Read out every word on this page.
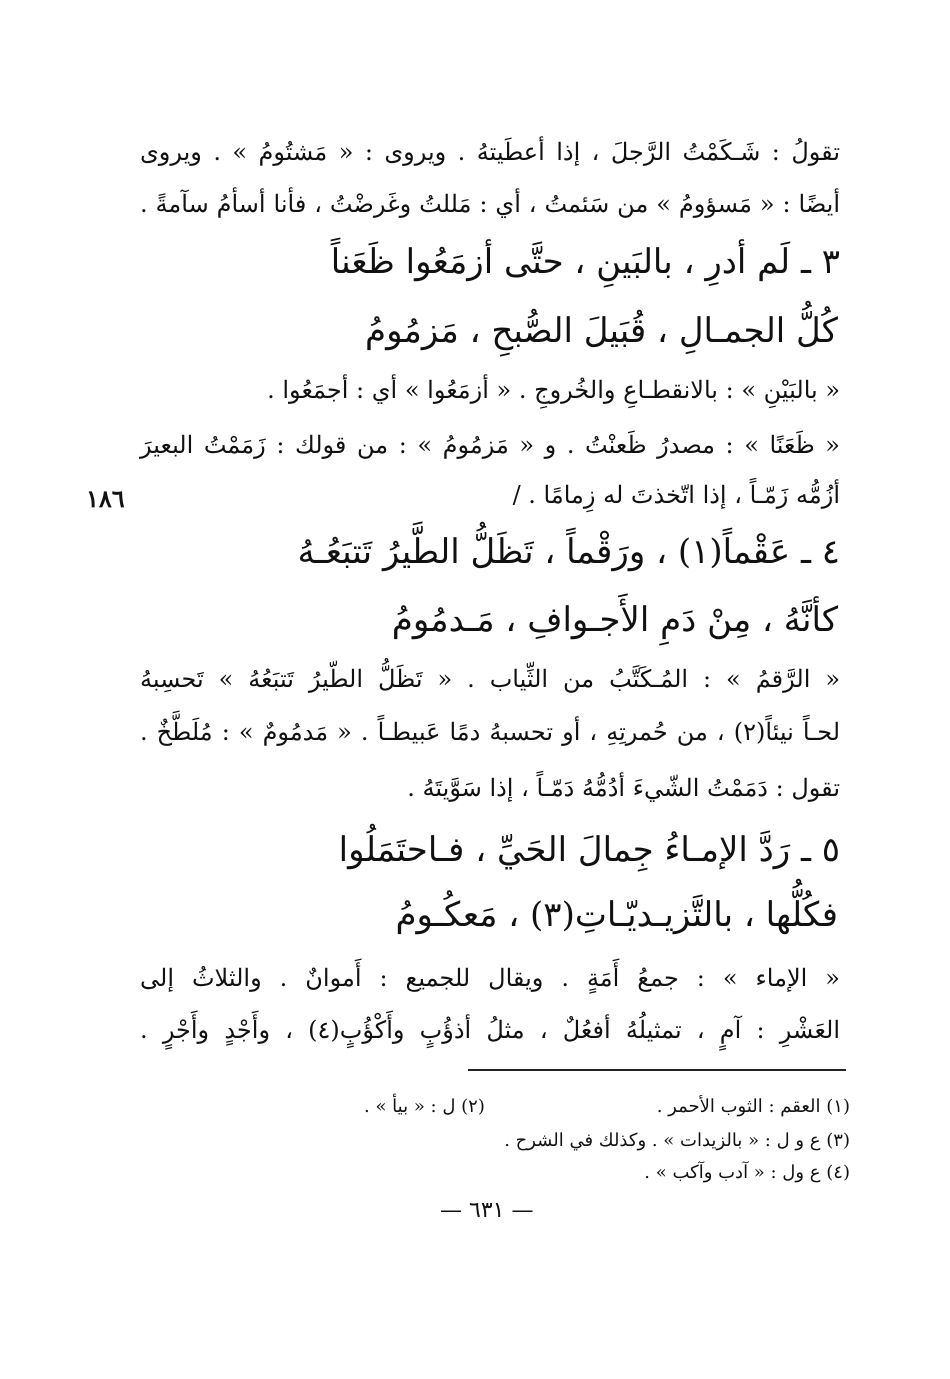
تقولُ : شَـكَمْتُ الرَّجلَ ، إذا أعطَيتهُ . ويروى : « مَشتُومُ » . ويروى
أيضًا : « مَسؤومُ » من سَئمتُ ، أي : مَللتُ وغَرضْتُ ، فأنا أسأمُ سآمةً .
٣ ـ لَم أدرِ ، بالبَينِ ، حتَّى أزمَعُوا ظَعَناً
كُلُّ الجمـالِ ، قُبَيلَ الصُّبحِ ، مَزمُومُ
« بالبَيْنِ » : بالانقطـاعِ والخُروجِ . « أزمَعُوا » أي : أجمَعُوا .
« ظَعَنًا » : مصدرُ ظَعنْتُ . و « مَزمُومُ » : من قولك : زَمَمْتُ البعيرَ
أزُمُّه زَمّـاً ، إذا اتّخذتَ له زِمامًا . /
١٨٦
٤ ـ عَقْماً(١) ، ورَقْماً ، تَظَلُّ الطَّيرُ تَتبَعُـهُ
كأنَّهُ ، مِنْ دَمِ الأَجـوافِ ، مَـدمُومُ
« الرَّقمُ » : المُـكَتَّبُ من الثِّياب . « تَظَلُّ الطّيرُ تَتبَعُهُ » تَحسِبهُ
لحـاً نيئاً(٢) ، من حُمرتِهِ ، أو تحسبهُ دمًا عَبيطـاً . « مَدمُومٌ » : مُلَطَّخٌ .
تقول : دَمَمْتُ الشّيءَ أدُمُّهُ دَمّـاً ، إذا سَوَّيتَهُ .
٥ ـ رَدَّ الإمـاءُ جِمالَ الحَيِّ ، فـاحتَمَلُوا
فكُلُّها ، بالتَّزيـديّـاتِ(٣) ، مَعكُـومُ
« الإماء » : جمعُ أَمَةٍ . ويقال للجميع : أَموانٌ . والثلاثُ إلى
العَشْرِ : آمٍ ، تمثيلُهُ أفعُلٌ ، مثلُ أذؤُبٍ وأَكْؤُبٍ(٤) ، وأَجْدٍ وأَجْرٍ .
(١) العقم : الثوب الأحمر .
(٢) ل : « بيأ » .
(٣) ع و ل : « بالزيدات » . وكذلك في الشرح .
(٤) ع ول : « آدب وآكب » .
— ٦٣١ —
